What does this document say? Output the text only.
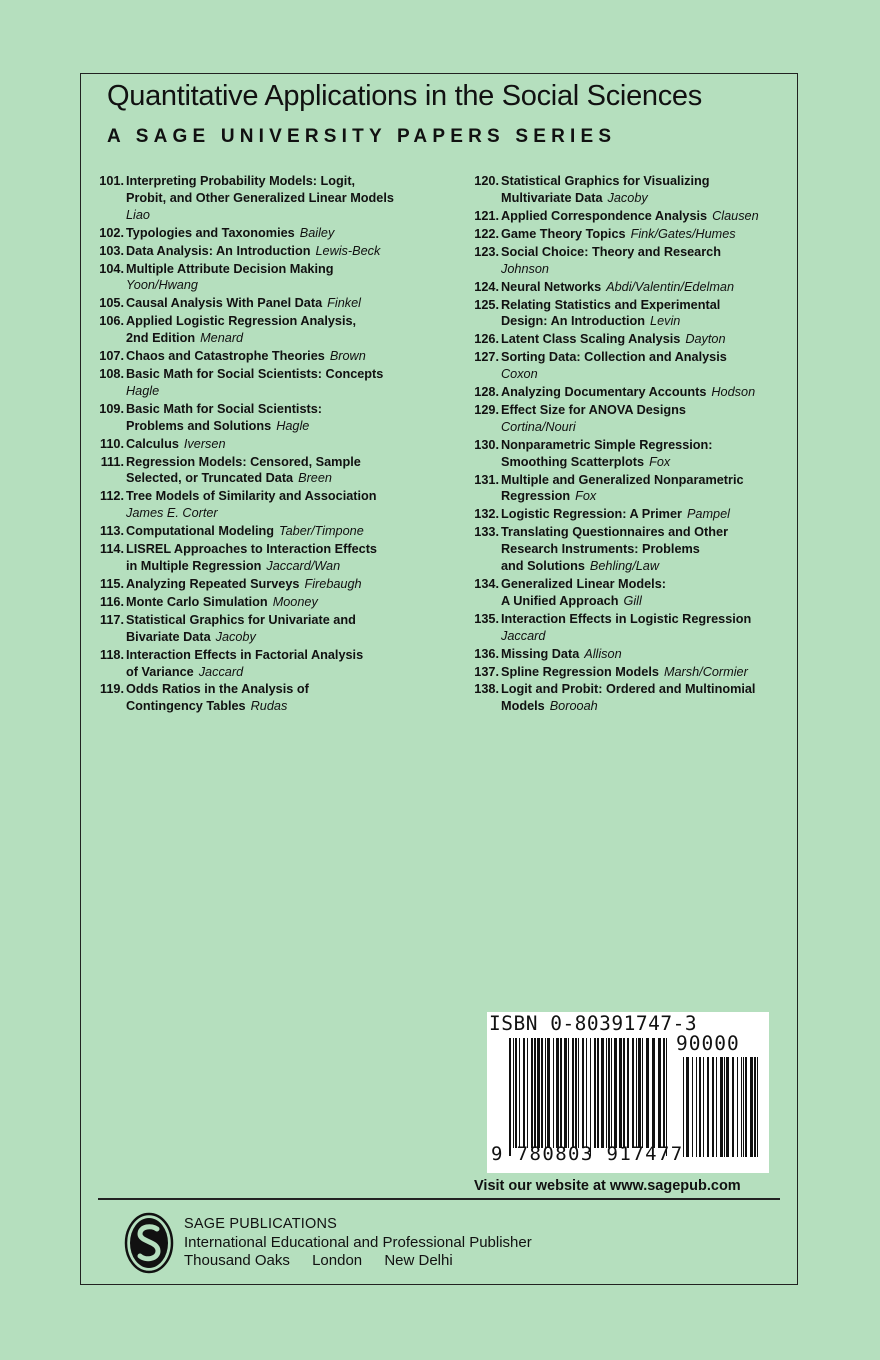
Quantitative Applications in the Social Sciences
A SAGE UNIVERSITY PAPERS SERIES
101. Interpreting Probability Models: Logit,
Probit, and Other Generalized Linear Models
Liao
102. Typologies and Taxonomies Bailey
103. Data Analysis: An Introduction Lewis-Beck
104. Multiple Attribute Decision Making
Yoon/Hwang
105. Causal Analysis With Panel Data Finkel
106. Applied Logistic Regression Analysis,
2nd Edition Menard
107. Chaos and Catastrophe Theories Brown
108. Basic Math for Social Scientists: Concepts
Hagle
109. Basic Math for Social Scientists:
Problems and Solutions Hagle
110. Calculus Iversen
111. Regression Models: Censored, Sample
Selected, or Truncated Data Breen
112. Tree Models of Similarity and Association
James E. Corter
113. Computational Modeling Taber/Timpone
114. LISREL Approaches to Interaction Effects
in Multiple Regression Jaccard/Wan
115. Analyzing Repeated Surveys Firebaugh
116. Monte Carlo Simulation Mooney
117. Statistical Graphics for Univariate and
Bivariate Data Jacoby
118. Interaction Effects in Factorial Analysis
of Variance Jaccard
119. Odds Ratios in the Analysis of
Contingency Tables Rudas
120. Statistical Graphics for Visualizing
Multivariate Data Jacoby
121. Applied Correspondence Analysis Clausen
122. Game Theory Topics Fink/Gates/Humes
123. Social Choice: Theory and Research
Johnson
124. Neural Networks Abdi/Valentin/Edelman
125. Relating Statistics and Experimental
Design: An Introduction Levin
126. Latent Class Scaling Analysis Dayton
127. Sorting Data: Collection and Analysis
Coxon
128. Analyzing Documentary Accounts Hodson
129. Effect Size for ANOVA Designs
Cortina/Nouri
130. Nonparametric Simple Regression:
Smoothing Scatterplots Fox
131. Multiple and Generalized Nonparametric
Regression Fox
132. Logistic Regression: A Primer Pampel
133. Translating Questionnaires and Other
Research Instruments: Problems
and Solutions Behling/Law
134. Generalized Linear Models:
A Unified Approach Gill
135. Interaction Effects in Logistic Regression
Jaccard
136. Missing Data Allison
137. Spline Regression Models Marsh/Cormier
138. Logit and Probit: Ordered and Multinomial
Models Borooah
ISBN 0-80391747-3
90000
9 780803 917477
Visit our website at www.sagepub.com
SAGE PUBLICATIONS
International Educational and Professional Publisher
Thousand Oaks London New Delhi
